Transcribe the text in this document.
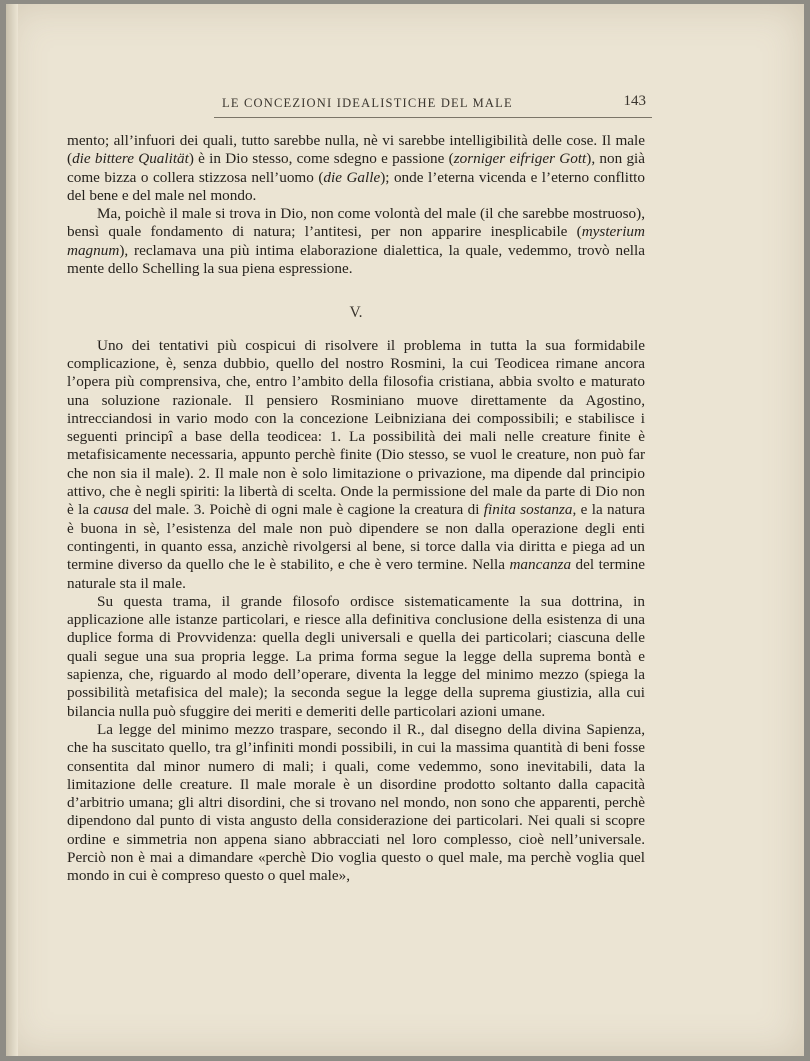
LE CONCEZIONI IDEALISTICHE DEL MALE	143

mento; all’infuori dei quali, tutto sarebbe nulla, nè vi sarebbe intelligibilità delle cose. Il male (die bittere Qualität) è in Dio stesso, come sdegno e passione (zorniger eifriger Gott), non già come bizza o collera stizzosa nell’uomo (die Galle); onde l’eterna vicenda e l’eterno conflitto del bene e del male nel mondo.

Ma, poichè il male si trova in Dio, non come volontà del male (il che sarebbe mostruoso), bensì quale fondamento di natura; l’antitesi, per non apparire inesplicabile (mysterium magnum), reclamava una più intima elaborazione dialettica, la quale, vedemmo, trovò nella mente dello Schelling la sua piena espressione.

V.

Uno dei tentativi più cospicui di risolvere il problema in tutta la sua formidabile complicazione, è, senza dubbio, quello del nostro Rosmini, la cui Teodicea rimane ancora l’opera più comprensiva, che, entro l’ambito della filosofia cristiana, abbia svolto e maturato una soluzione razionale. Il pensiero Rosminiano muove direttamente da Agostino, intrecciandosi in vario modo con la concezione Leibniziana dei compossibili; e stabilisce i seguenti principî a base della teodicea: 1. La possibilità dei mali nelle creature finite è metafisicamente necessaria, appunto perchè finite (Dio stesso, se vuol le creature, non può far che non sia il male). 2. Il male non è solo limitazione o privazione, ma dipende dal principio attivo, che è negli spiriti: la libertà di scelta. Onde la permissione del male da parte di Dio non è la causa del male. 3. Poichè di ogni male è cagione la creatura di finita sostanza, e la natura è buona in sè, l’esistenza del male non può dipendere se non dalla operazione degli enti contingenti, in quanto essa, anzichè rivolgersi al bene, si torce dalla via diritta e piega ad un termine diverso da quello che le è stabilito, e che è vero termine. Nella mancanza del termine naturale sta il male.

Su questa trama, il grande filosofo ordisce sistematicamente la sua dottrina, in applicazione alle istanze particolari, e riesce alla definitiva conclusione della esistenza di una duplice forma di Provvidenza: quella degli universali e quella dei particolari; ciascuna delle quali segue una sua propria legge. La prima forma segue la legge della suprema bontà e sapienza, che, riguardo al modo dell’operare, diventa la legge del minimo mezzo (spiega la possibilità metafisica del male); la seconda segue la legge della suprema giustizia, alla cui bilancia nulla può sfuggire dei meriti e demeriti delle particolari azioni umane.

La legge del minimo mezzo traspare, secondo il R., dal disegno della divina Sapienza, che ha suscitato quello, tra gl’infiniti mondi possibili, in cui la massima quantità di beni fosse consentita dal minor numero di mali; i quali, come vedemmo, sono inevitabili, data la limitazione delle creature. Il male morale è un disordine prodotto soltanto dalla capacità d’arbitrio umana; gli altri disordini, che si trovano nel mondo, non sono che apparenti, perchè dipendono dal punto di vista angusto della considerazione dei particolari. Nei quali si scopre ordine e simmetria non appena siano abbracciati nel loro complesso, cioè nell’universale. Perciò non è mai a dimandare «perchè Dio voglia questo o quel male, ma perchè voglia quel mondo in cui è compreso questo o quel male»,
